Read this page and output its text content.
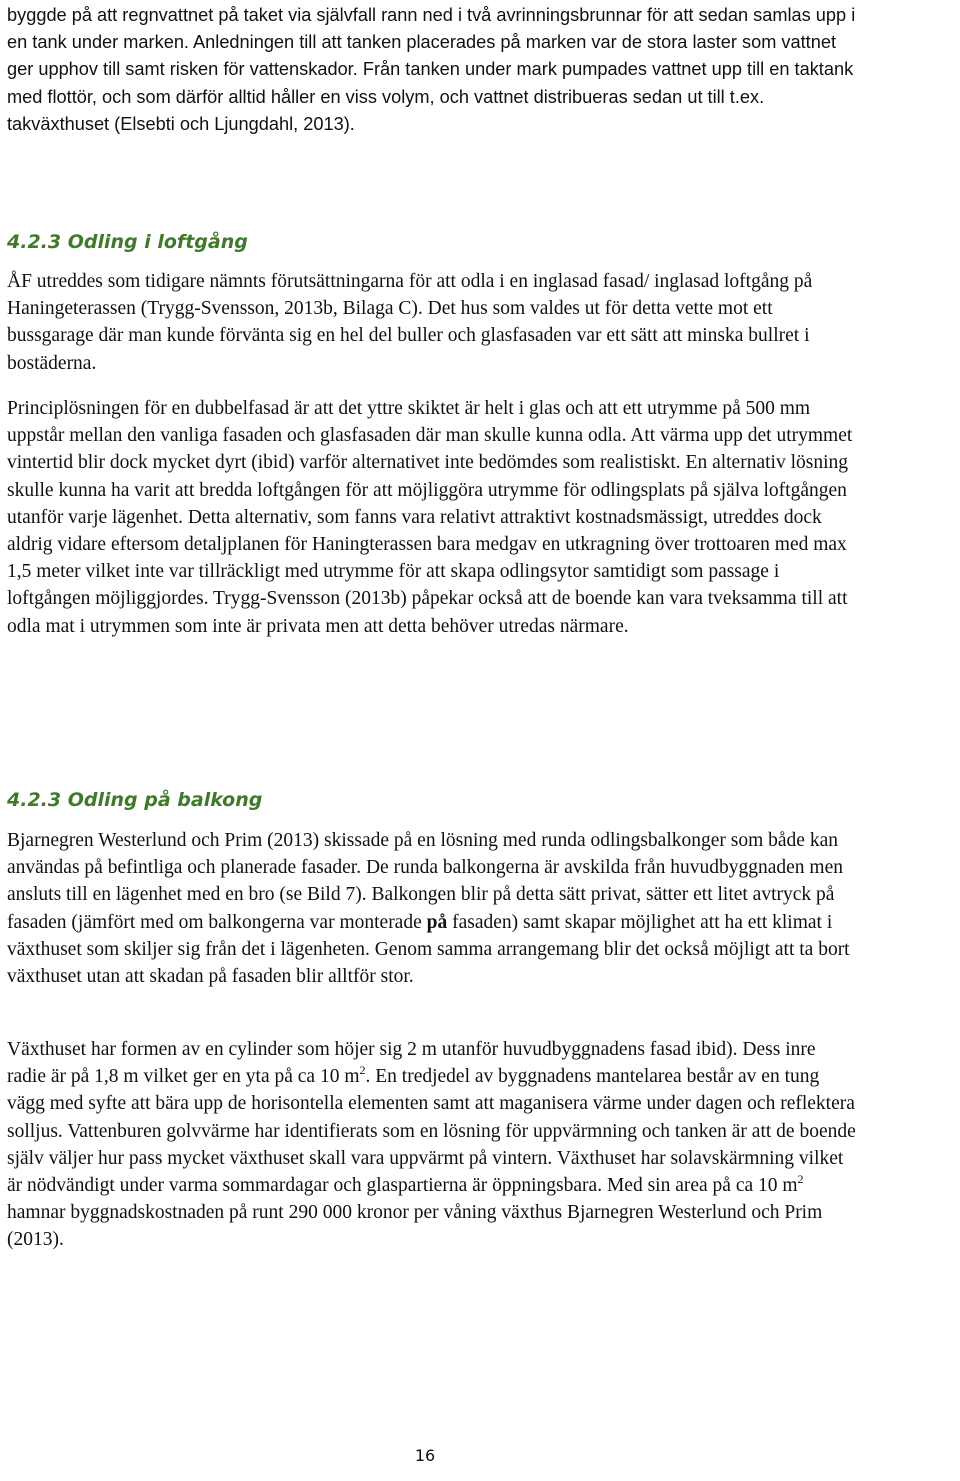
byggde på att regnvattnet på taket via självfall rann ned i två avrinningsbrunnar för att sedan samlas upp i en tank under marken. Anledningen till att tanken placerades på marken var de stora laster som vattnet ger upphov till samt risken för vattenskador. Från tanken under mark pumpades vattnet upp till en taktank med flottör, och som därför alltid håller en viss volym, och vattnet distribueras sedan ut till t.ex. takväxthuset (Elsebti och Ljungdahl, 2013).

4.2.3 Odling i loftgång

ÅF utreddes som tidigare nämnts förutsättningarna för att odla i en inglasad fasad/ inglasad loftgång på Haningeterassen (Trygg-Svensson, 2013b, Bilaga C). Det hus som valdes ut för detta vette mot ett bussgarage där man kunde förvänta sig en hel del buller och glasfasaden var ett sätt att minska bullret i bostäderna.

Principlösningen för en dubbelfasad är att det yttre skiktet är helt i glas och att ett utrymme på 500 mm uppstår mellan den vanliga fasaden och glasfasaden där man skulle kunna odla. Att värma upp det utrymmet vintertid blir dock mycket dyrt (ibid) varför alternativet inte bedömdes som realistiskt. En alternativ lösning skulle kunna ha varit att bredda loftgången för att möjliggöra utrymme för odlingsplats på själva loftgången utanför varje lägenhet. Detta alternativ, som fanns vara relativt attraktivt kostnadsmässigt, utreddes dock aldrig vidare eftersom detaljplanen för Haningterassen bara medgav en utkragning över trottoaren med max 1,5 meter vilket inte var tillräckligt med utrymme för att skapa odlingsytor samtidigt som passage i loftgången möjliggjordes. Trygg-Svensson (2013b) påpekar också att de boende kan vara tveksamma till att odla mat i utrymmen som inte är privata men att detta behöver utredas närmare.

4.2.3 Odling på balkong

Bjarnegren Westerlund och Prim (2013) skissade på en lösning med runda odlingsbalkonger som både kan användas på befintliga och planerade fasader. De runda balkongerna är avskilda från huvudbyggnaden men ansluts till en lägenhet med en bro (se Bild 7). Balkongen blir på detta sätt privat, sätter ett litet avtryck på fasaden (jämfört med om balkongerna var monterade på fasaden) samt skapar möjlighet att ha ett klimat i växthuset som skiljer sig från det i lägenheten. Genom samma arrangemang blir det också möjligt att ta bort växthuset utan att skadan på fasaden blir alltför stor.

Växthuset har formen av en cylinder som höjer sig 2 m utanför huvudbyggnadens fasad ibid). Dess inre radie är på 1,8 m vilket ger en yta på ca 10 $m^2$. En tredjedel av byggnadens mantelarea består av en tung vägg med syfte att bära upp de horisontella elementen samt att maganisera värme under dagen och reflektera solljus. Vattenburen golvvärme har identifierats som en lösning för uppvärmning och tanken är att de boende själv väljer hur pass mycket växthuset skall vara uppvärmt på vintern. Växthuset har solavskärmning vilket är nödvändigt under varma sommardagar och glaspartierna är öppningsbara. Med sin area på ca 10 $m^2$ hamnar byggnadskostnaden på runt 290 000 kronor per våning växthus Bjarnegren Westerlund och Prim (2013).

16
